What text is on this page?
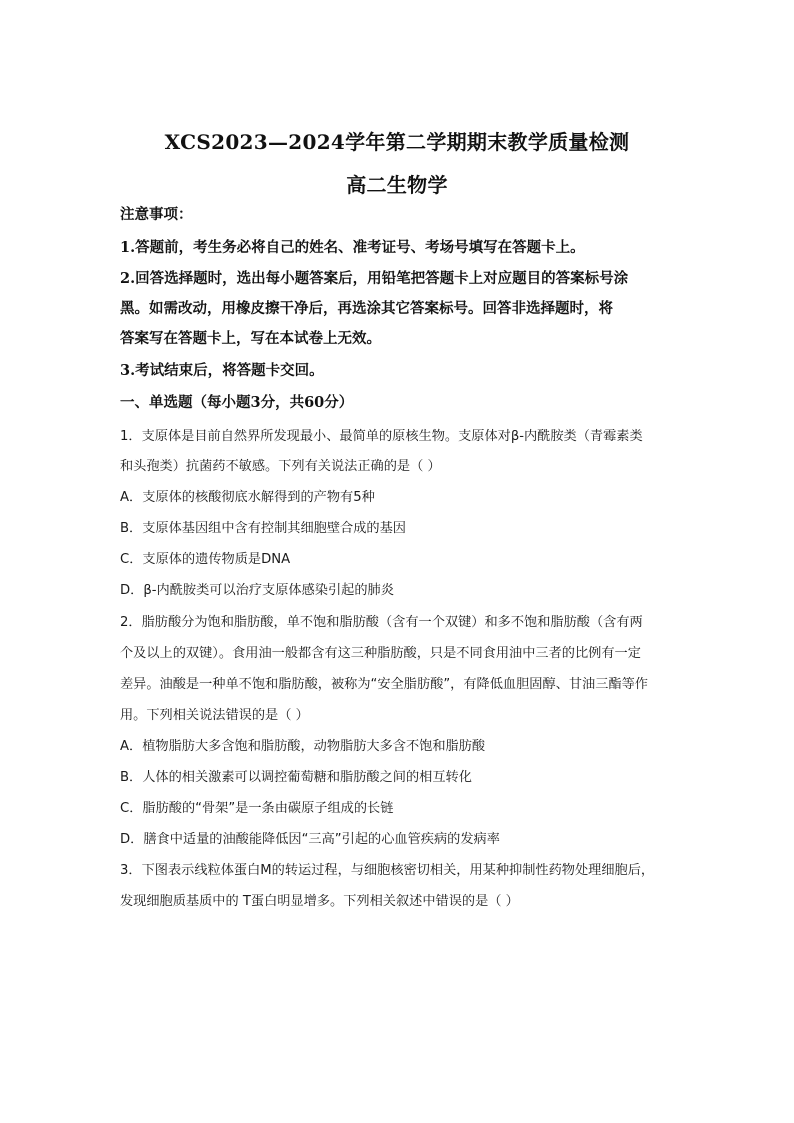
XCS2023—2024学年第二学期期末教学质量检测
高二生物学
注意事项：
1.答题前，考生务必将自己的姓名、准考证号、考场号填写在答题卡上。
2.回答选择题时，选出每小题答案后，用铅笔把答题卡上对应题目的答案标号涂
黑。如需改动，用橡皮擦干净后，再选涂其它答案标号。回答非选择题时，将
答案写在答题卡上，写在本试卷上无效。
3.考试结束后，将答题卡交回。
一、单选题（每小题3分，共60分）
1．支原体是目前自然界所发现最小、最简单的原核生物。支原体对β-内酰胺类（青霉素类
和头孢类）抗菌药不敏感。下列有关说法正确的是（ ）
A．支原体的核酸彻底水解得到的产物有5种
B．支原体基因组中含有控制其细胞壁合成的基因
C．支原体的遗传物质是DNA
D．β-内酰胺类可以治疗支原体感染引起的肺炎
2．脂肪酸分为饱和脂肪酸，单不饱和脂肪酸（含有一个双键）和多不饱和脂肪酸（含有两
个及以上的双键）。食用油一般都含有这三种脂肪酸，只是不同食用油中三者的比例有一定
差异。油酸是一种单不饱和脂肪酸，被称为“安全脂肪酸”，有降低血胆固醇、甘油三酯等作
用。下列相关说法错误的是（ ）
A．植物脂肪大多含饱和脂肪酸，动物脂肪大多含不饱和脂肪酸
B．人体的相关激素可以调控葡萄糖和脂肪酸之间的相互转化
C．脂肪酸的“骨架”是一条由碳原子组成的长链
D．膳食中适量的油酸能降低因“三高”引起的心血管疾病的发病率
3．下图表示线粒体蛋白M的转运过程，与细胞核密切相关，用某种抑制性药物处理细胞后，
发现细胞质基质中的 T蛋白明显增多。下列相关叙述中错误的是（ ）
